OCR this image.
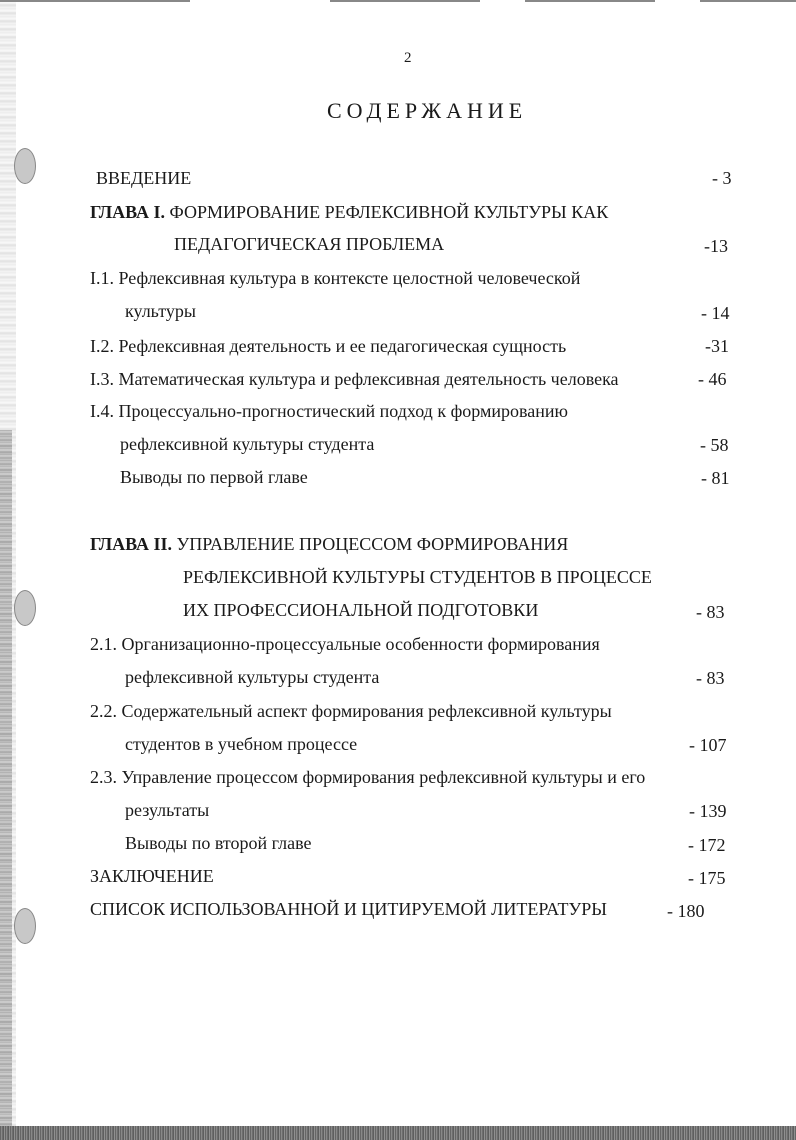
2
СОДЕРЖАНИЕ
ВВЕДЕНИЕ	- 3
ГЛАВА I. ФОРМИРОВАНИЕ РЕФЛЕКСИВНОЙ КУЛЬТУРЫ КАК
ПЕДАГОГИЧЕСКАЯ ПРОБЛЕМА	-13
I.1. Рефлексивная культура в контексте целостной человеческой
культуры	- 14
I.2. Рефлексивная деятельность и ее педагогическая сущность	-31
I.3. Математическая культура и рефлексивная деятельность человека	- 46
I.4. Процессуально-прогностический подход к формированию
рефлексивной культуры студента	- 58
Выводы по первой главе	- 81
ГЛАВА II. УПРАВЛЕНИЕ ПРОЦЕССОМ ФОРМИРОВАНИЯ
РЕФЛЕКСИВНОЙ КУЛЬТУРЫ СТУДЕНТОВ В ПРОЦЕССЕ
ИХ ПРОФЕССИОНАЛЬНОЙ ПОДГОТОВКИ	- 83
2.1. Организационно-процессуальные особенности формирования
рефлексивной культуры студента	- 83
2.2. Содержательный аспект формирования рефлексивной культуры
студентов в учебном процессе	- 107
2.3. Управление процессом формирования рефлексивной культуры и его
результаты	- 139
Выводы по второй главе	- 172
ЗАКЛЮЧЕНИЕ	- 175
СПИСОК ИСПОЛЬЗОВАННОЙ И ЦИТИРУЕМОЙ ЛИТЕРАТУРЫ	- 180
